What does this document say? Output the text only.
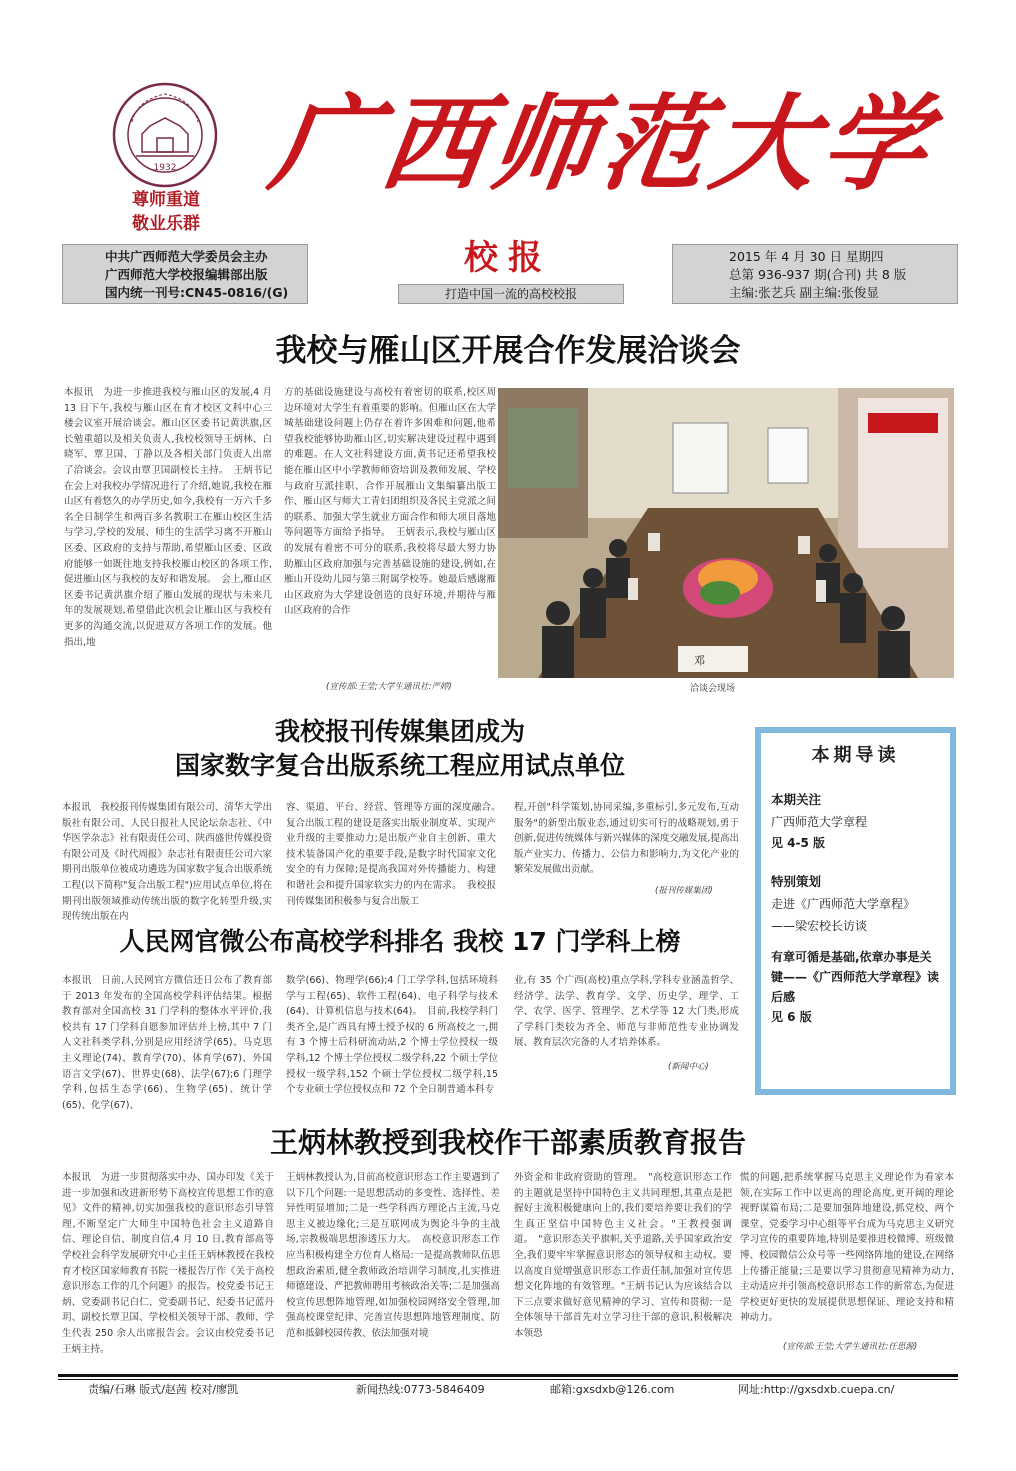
1932
尊师重道
敬业乐群
广西师范大学
中共广西师范大学委员会主办
广西师范大学校报编辑部出版
国内统一刊号:CN45-0816/(G)
校报
打造中国一流的高校校报
2015 年 4 月 30 日 星期四
总第 936-937 期(合刊) 共 8 版
主编:张艺兵 副主编:张俊显
我校与雁山区开展合作发展洽谈会
本报讯　为进一步推进我校与雁山区的发展,4 月 13 日下午,我校与雁山区在育才校区文科中心三楼会议室开展洽谈会。雁山区区委书记黄洪旗,区长勉重超以及相关负责人,我校校领导王炳林、白晓军、覃卫国、丁静以及各相关部门负责人出席了洽谈会。会议由覃卫国副校长主持。　王炳书记在会上对我校办学情况进行了介绍,她说,我校在雁山区有着悠久的办学历史,如今,我校有一万六千多名全日制学生和两百多名教职工在雁山校区生活与学习,学校的发展、师生的生活学习离不开雁山区委、区政府的支持与帮助,希望雁山区委、区政府能够一如既往地支持我校雁山校区的各项工作,促进雁山区与我校的友好和谐发展。　会上,雁山区区委书记黄洪旗介绍了雁山发展的现状与未来几年的发展规划,希望借此次机会让雁山区与我校有更多的沟通交流,以促进双方各项工作的发展。他指出,地
方的基础设施建设与高校有着密切的联系,校区周边环境对大学生有着重要的影响。但雁山区在大学城基础建设问题上仍存在着许多困难和问题,他希望我校能够协助雁山区,切实解决建设过程中遇到的难题。在人文社科建设方面,黄书记还希望我校能在雁山区中小学教师师资培训及教师发展、学校与政府互派挂职、合作开展雁山文集编纂出版工作、雁山区与师大工青妇团组织及各民主党派之间的联系、加强大学生就业方面合作和师大项目落地等问题等方面给予指导。　王炳表示,我校与雁山区的发展有着密不可分的联系,我校将尽最大努力协助雁山区政府加强与完善基础设施的建设,例如,在雁山开设幼儿园与第三附属学校等。她最后感谢雁山区政府为大学建设创造的良好环境,并期待与雁山区政府的合作
(宣传部:王莹;大学生通讯社:严婷)
邓
洽谈会现场
我校报刊传媒集团成为
国家数字复合出版系统工程应用试点单位
本报讯　我校报刊传媒集团有限公司、清华大学出版社有限公司、人民日报社人民论坛杂志社、《中华医学杂志》社有限责任公司、陕西盛世传媒投资有限公司及《时代周报》杂志社有限责任公司六家期刊出版单位被成功遴选为国家数字复合出版系统工程(以下简称"复合出版工程")应用试点单位,将在期刊出版领域推动传统出版的数字化转型升级,实现传统出版在内
容、渠道、平台、经营、管理等方面的深度融合。　复合出版工程的建设是落实出版业制度革、实现产业升级的主要推动力;是出版产业自主创新、重大技术装备国产化的重要手段,是数字时代国家文化安全的有力保障;是提高我国对外传播能力、构建和谐社会和提升国家软实力的内在需求。　我校报刊传媒集团积极参与复合出版工
程,开创"科学策划,协同采编,多重标引,多元发布,互动服务"的新型出版业态,通过切实可行的战略规划,勇于创新,促进传统媒体与新兴媒体的深度交融发展,提高出版产业实力、传播力、公信力和影响力,为文化产业的繁荣发展做出贡献。
(报刊传媒集团)
人民网官微公布高校学科排名 我校 17 门学科上榜
本报讯　日前,人民网官方微信还日公布了教育部于 2013 年发布的全国高校学科评估结果。根据教育部对全国高校 31 门学科的整体水平评价,我校共有 17 门学科自愿参加评估并上榜,其中 7 门人文社科类学科,分别是应用经济学(65)、马克思主义理论(74)、教育学(70)、体育学(67)、外国语言文学(67)、世界史(68)、法学(67);6 门理学学科,包括生态学(66)、生物学(65)、统计学(65)、化学(67)、
数学(66)、物理学(66);4 门工学学科,包括环境科学与工程(65)、软件工程(64)、电子科学与技术(64)、计算机信息与技术(64)。　目前,我校学科门类齐全,是广西具有博士授予权的 6 所高校之一,拥有 3 个博士后科研流动站,2 个博士学位授权一级学科,12 个博士学位授权二级学科,22 个硕士学位授权一级学科,152 个硕士学位授权二级学科,15 个专业硕士学位授权点和 72 个全日制普通本科专
业,有 35 个广西(高校)重点学科,学科专业涵盖哲学、经济学、法学、教育学、文学、历史学、理学、工学、农学、医学、管理学、艺术学等 12 大门类,形成了学科门类较为齐全、师范与非师范性专业协调发展、教育层次完备的人才培养体系。
(新闻中心)
本期导读
本期关注
广西师范大学章程
见 4-5 版
特别策划
走进《广西师范大学章程》
——梁宏校长访谈
有章可循是基础,依章办事是关键——《广西师范大学章程》读后感
见 6 版
王炳林教授到我校作干部素质教育报告
本报讯　为进一步贯彻落实中办、国办印发《关于进一步加强和改进新形势下高校宣传思想工作的意见》文件的精神,切实加强我校的意识形态引导管理,不断坚定广大师生中国特色社会主义道路自信、理论自信、制度自信,4 月 10 日,教育部高等学校社会科学发展研究中心主任王炳林教授在我校育才校区国家师教育书院一楼报告厅作《关于高校意识形态工作的几个问题》的报告。校党委书记王炳、党委副书记白仁、党委副书记、纪委书记蓝丹玥、副校长覃卫国、学校相关领导干部、教师、学生代表 250 余人出席报告会。会议由校党委书记王炳主持。
王炳林教授认为,目前高校意识形态工作主要遇到了以下几个问题:一是思想活动的多变性、选择性、差异性明显增加;二是一些学科西方理论占主流,马克思主义被边缘化;三是互联网成为舆论斗争的主战场,宗教极端思想渗透压力大。　高校意识形态工作应当积极构建全方位育人格局:一是提高教师队伍思想政治素质,健全教师政治培训学习制度,扎实推进师德建设、严把教师聘用考核政治关等;二是加强高校宣传思想阵地管理,如加强校园网络安全管理,加强高校课堂纪律、完善宣传思想阵地管理制度、防范和抵御校园传教、依法加强对境
外资金和非政府资助的管理。　"高校意识形态工作的主题就是坚持中国特色主义共同理想,其重点是把握好主流积极健康向上的,我们要培养要让我们的学生真正坚信中国特色主义社会。"王教授强调道。　"意识形态关乎旗帜,关乎道路,关乎国家政治安全,我们要牢牢掌握意识形态的领导权和主动权。要以高度自觉增强意识形态工作责任制,加强对宣传思想文化阵地的有效管理。"王炳书记认为应该结合以下三点要求做好意见精神的学习、宣传和贯彻:一是全体领导干部首先对立学习往干部的意识,积极解决本领恐
慌的问题,把系统掌握马克思主义理论作为看家本领,在实际工作中以更高的理论高度,更开阔的理论视野谋篇布局;二是要加强阵地建设,抓党校、两个课堂、党委学习中心组等平台成为马克思主义研究学习宣传的重要阵地,特别是要推进校微博、班级微博、校园微信公众号等一些网络阵地的建设,在网络上传播正能量;三是要以学习贯彻意见精神为动力,主动适应并引领高校意识形态工作的新常态,为促进学校更好更快的发展提供思想保证、理论支持和精神动力。
(宣传部:王莹;大学生通讯社:任思源)
责编/石琳 版式/赵茜 校对/廖凯	新闻热线:0773-5846409	邮箱:gxsdxb@126.com	网址:http://gxsdxb.cuepa.cn/
